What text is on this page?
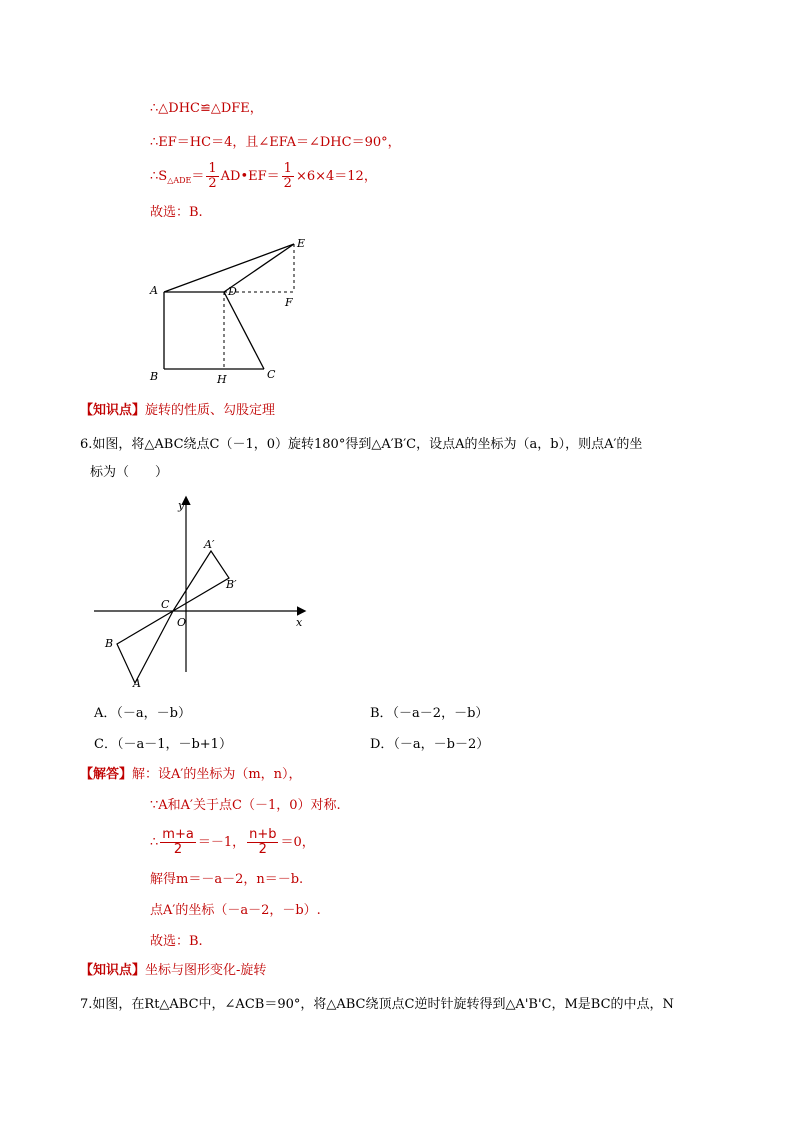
∴△DHC≌△DFE，
∴EF＝HC＝4，且∠EFA＝∠DHC＝90°，
$\therefore S_{\triangle ADE}= \frac{1}{2}$ AD•EF＝ $\frac{1}{2} \times 6\times 4=12$，
故选：B.
A
B	C
D
E
F
H
【知识点】旋转的性质、勾股定理
6.如图，将△ABC绕点C（－1，0）旋转180°得到△A′B′C，设点A的坐标为（a，b），则点A′的坐
标为（　　）
y
x
O
C
A′
B′
B
A
A．（－a，－b）	B．（－a－2，－b）
C．（－a－1，－b+1）	D．（－a，－b－2）
【解答】解：设A′的坐标为（m，n），
∵A和A′关于点C（－1，0）对称.
∴ $\frac{m+a}{2} =-1$， $\frac{n+b}{2} =0$，
解得m＝－a－2，n＝－b.
点A′的坐标（－a－2，－b）.
故选：B.
【知识点】坐标与图形变化-旋转
7.如图，在Rt△ABC中，∠ACB＝90°，将△ABC绕顶点C逆时针旋转得到△A'B'C，M是BC的中点，N
